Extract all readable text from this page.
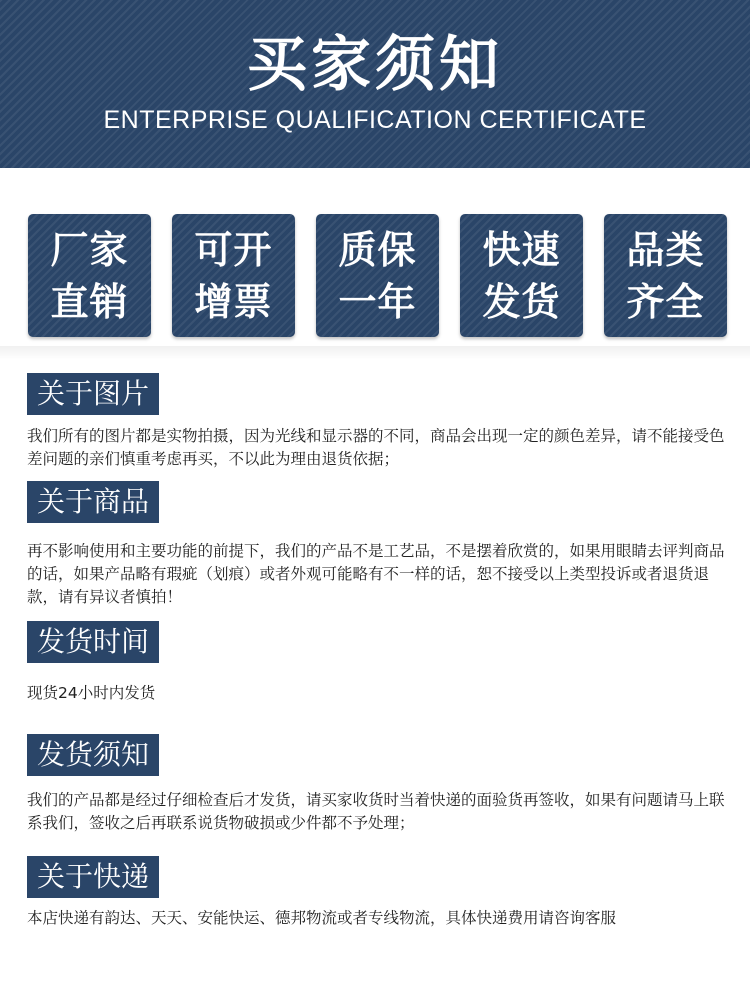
买家须知
ENTERPRISE QUALIFICATION CERTIFICATE
厂家
直销
可开
增票
质保
一年
快速
发货
品类
齐全
关于图片
我们所有的图片都是实物拍摄，因为光线和显示器的不同，商品会出现一定的颜色差异，请不能接受色差问题的亲们慎重考虑再买，不以此为理由退货依据；
关于商品
再不影响使用和主要功能的前提下，我们的产品不是工艺品，不是摆着欣赏的，如果用眼睛去评判商品的话，如果产品略有瑕疵（划痕）或者外观可能略有不一样的话，恕不接受以上类型投诉或者退货退款，请有异议者慎拍！
发货时间
现货24小时内发货
发货须知
我们的产品都是经过仔细检查后才发货，请买家收货时当着快递的面验货再签收，如果有问题请马上联系我们，签收之后再联系说货物破损或少件都不予处理；
关于快递
本店快递有韵达、天天、安能快运、德邦物流或者专线物流，具体快递费用请咨询客服
